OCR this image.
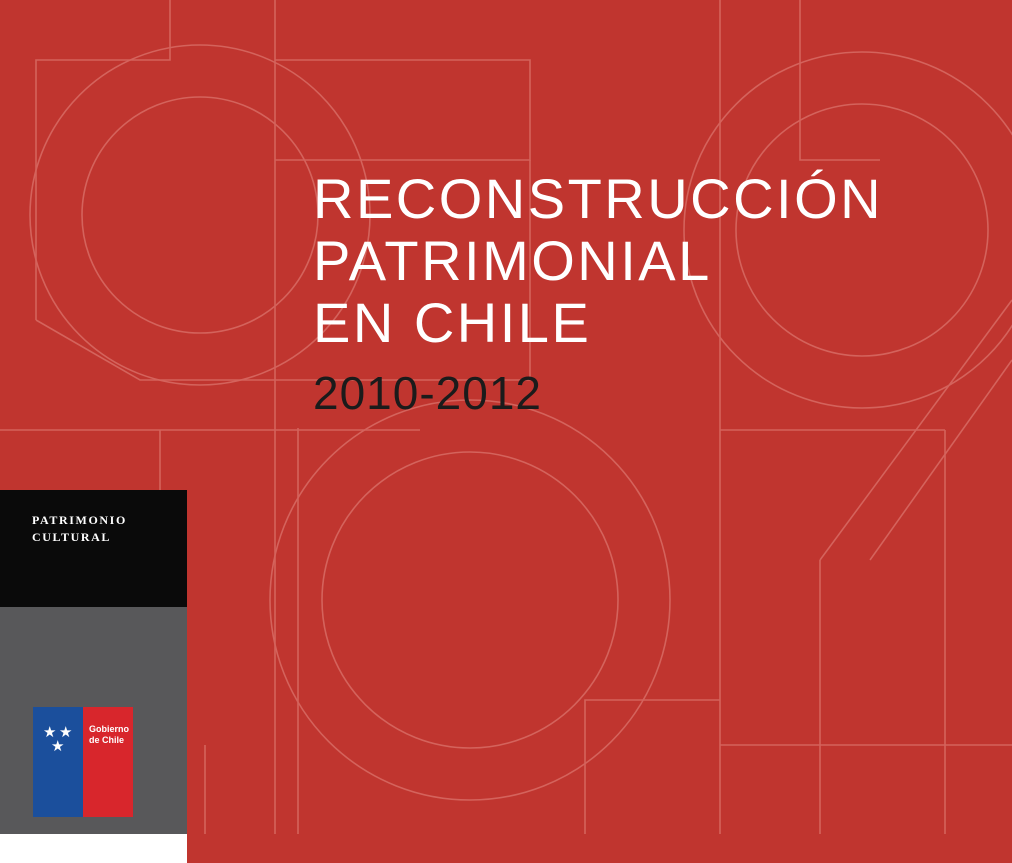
RECONSTRUCCIÓN
PATRIMONIAL
EN CHILE
2010-2012
PATRIMONIO
CULTURAL
★ ★
★
Gobierno
de Chile
